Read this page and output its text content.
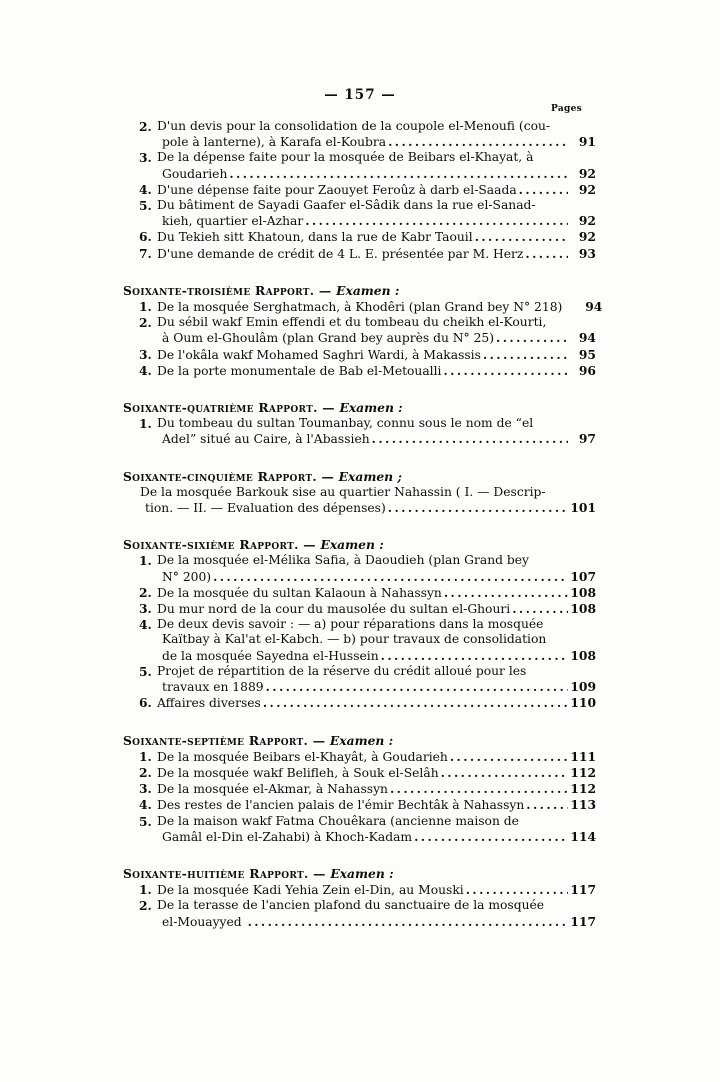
— 157 —
Pages
2. D'un devis pour la consolidation de la coupole el-Menoufi (cou-
pole à lanterne), à Karafa el-Koubra .....	91
3. De la dépense faite pour la mosquée de Beibars el-Khayat, à
Goudarieh .....	92
4. D'une dépense faite pour Zaouyet Feroûz à darb el-Saada .....	92
5. Du bâtiment de Sayadi Gaafer el-Sâdik dans la rue el-Sanad-
kieh, quartier el-Azhar .....	92
6. Du Tekieh sitt Khatoun, dans la rue de Kabr Taouil .....	92
7. D'une demande de crédit de 4 L. E. présentée par M. Herz .....	93
Soixante-troisième Rapport. — Examen :
1. De la mosquée Serghatmach, à Khodêri (plan Grand bey N° 218)	94
2. Du sébil wakf Emin effendi et du tombeau du cheikh el-Kourti,
à Oum el-Ghoulâm (plan Grand bey auprès du N° 25) .....	94
3. De l'okâla wakf Mohamed Saghri Wardi, à Makassis .....	95
4. De la porte monumentale de Bab el-Metoualli .....	96
Soixante-quatrième Rapport. — Examen :
1. Du tombeau du sultan Toumanbay, connu sous le nom de “el
Adel” situé au Caire, à l'Abassieh .....	97
Soixante-cinquième Rapport. — Examen ;
De la mosquée Barkouk sise au quartier Nahassin ( I. — Descrip-
tion. — II. — Evaluation des dépenses) .....	101
Soixante-sixième Rapport. — Examen :
1. De la mosquée el-Mélika Safia, à Daoudieh (plan Grand bey
N° 200) .....	107
2. De la mosquée du sultan Kalaoun à Nahassyn .....	108
3. Du mur nord de la cour du mausolée du sultan el-Ghouri .....	108
4. De deux devis savoir : — a) pour réparations dans la mosquée
Kaïtbay à Kal'at el-Kabch. — b) pour travaux de consolidation
de la mosquée Sayedna el-Hussein .....	108
5. Projet de répartition de la réserve du crédit alloué pour les
travaux en 1889 .....	109
6. Affaires diverses .....	110
Soixante-septième Rapport. — Examen :
1. De la mosquée Beibars el-Khayât, à Goudarieh .....	111
2. De la mosquée wakf Belifleh, à Souk el-Selâh .....	112
3. De la mosquée el-Akmar, à Nahassyn .....	112
4. Des restes de l'ancien palais de l'émir Bechtâk à Nahassyn .....	113
5. De la maison wakf Fatma Chouêkara (ancienne maison de
Gamâl el-Din el-Zahabi) à Khoch-Kadam .....	114
Soixante-huitième Rapport. — Examen :
1. De la mosquée Kadi Yehia Zein el-Din, au Mouski .....	117
2. De la terasse de l'ancien plafond du sanctuaire de la mosquée
el-Mouayyed .....	117
